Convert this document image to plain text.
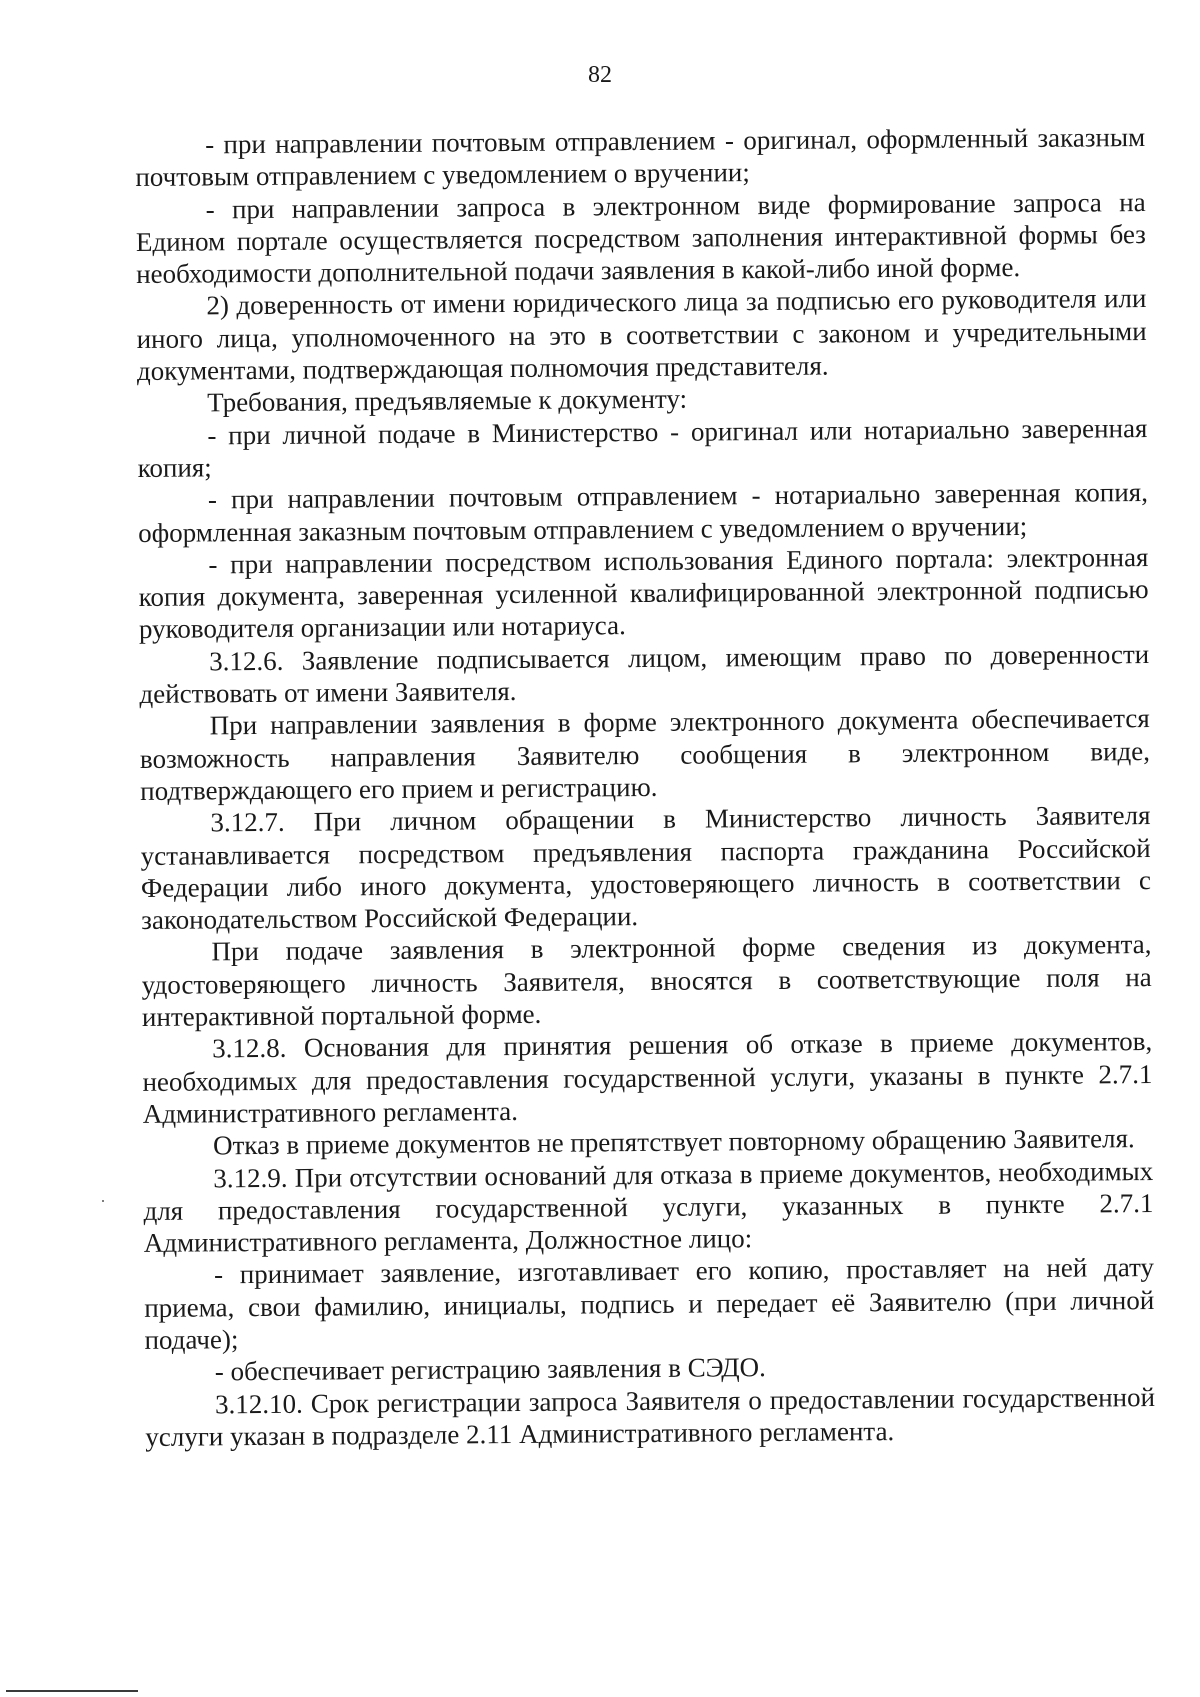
82

- при направлении почтовым отправлением - оригинал, оформленный заказным почтовым отправлением с уведомлением о вручении;

- при направлении запроса в электронном виде формирование запроса на Едином портале осуществляется посредством заполнения интерактивной формы без необходимости дополнительной подачи заявления в какой-либо иной форме.

2) доверенность от имени юридического лица за подписью его руководителя или иного лица, уполномоченного на это в соответствии с законом и учредительными документами, подтверждающая полномочия представителя.

Требования, предъявляемые к документу:

- при личной подаче в Министерство - оригинал или нотариально заверенная копия;

- при направлении почтовым отправлением - нотариально заверенная копия, оформленная заказным почтовым отправлением с уведомлением о вручении;

- при направлении посредством использования Единого портала: электронная копия документа, заверенная усиленной квалифицированной электронной подписью руководителя организации или нотариуса.

3.12.6. Заявление подписывается лицом, имеющим право по доверенности действовать от имени Заявителя.

При направлении заявления в форме электронного документа обеспечивается возможность направления Заявителю сообщения в электронном виде, подтверждающего его прием и регистрацию.

3.12.7. При личном обращении в Министерство личность Заявителя устанавливается посредством предъявления паспорта гражданина Российской Федерации либо иного документа, удостоверяющего личность в соответствии с законодательством Российской Федерации.

При подаче заявления в электронной форме сведения из документа, удостоверяющего личность Заявителя, вносятся в соответствующие поля на интерактивной портальной форме.

3.12.8. Основания для принятия решения об отказе в приеме документов, необходимых для предоставления государственной услуги, указаны в пункте 2.7.1 Административного регламента.

Отказ в приеме документов не препятствует повторному обращению Заявителя.

3.12.9. При отсутствии оснований для отказа в приеме документов, необходимых для предоставления государственной услуги, указанных в пункте 2.7.1 Административного регламента, Должностное лицо:

- принимает заявление, изготавливает его копию, проставляет на ней дату приема, свои фамилию, инициалы, подпись и передает её Заявителю (при личной подаче);

- обеспечивает регистрацию заявления в СЭДО.

3.12.10. Срок регистрации запроса Заявителя о предоставлении государственной услуги указан в подразделе 2.11 Административного регламента.
